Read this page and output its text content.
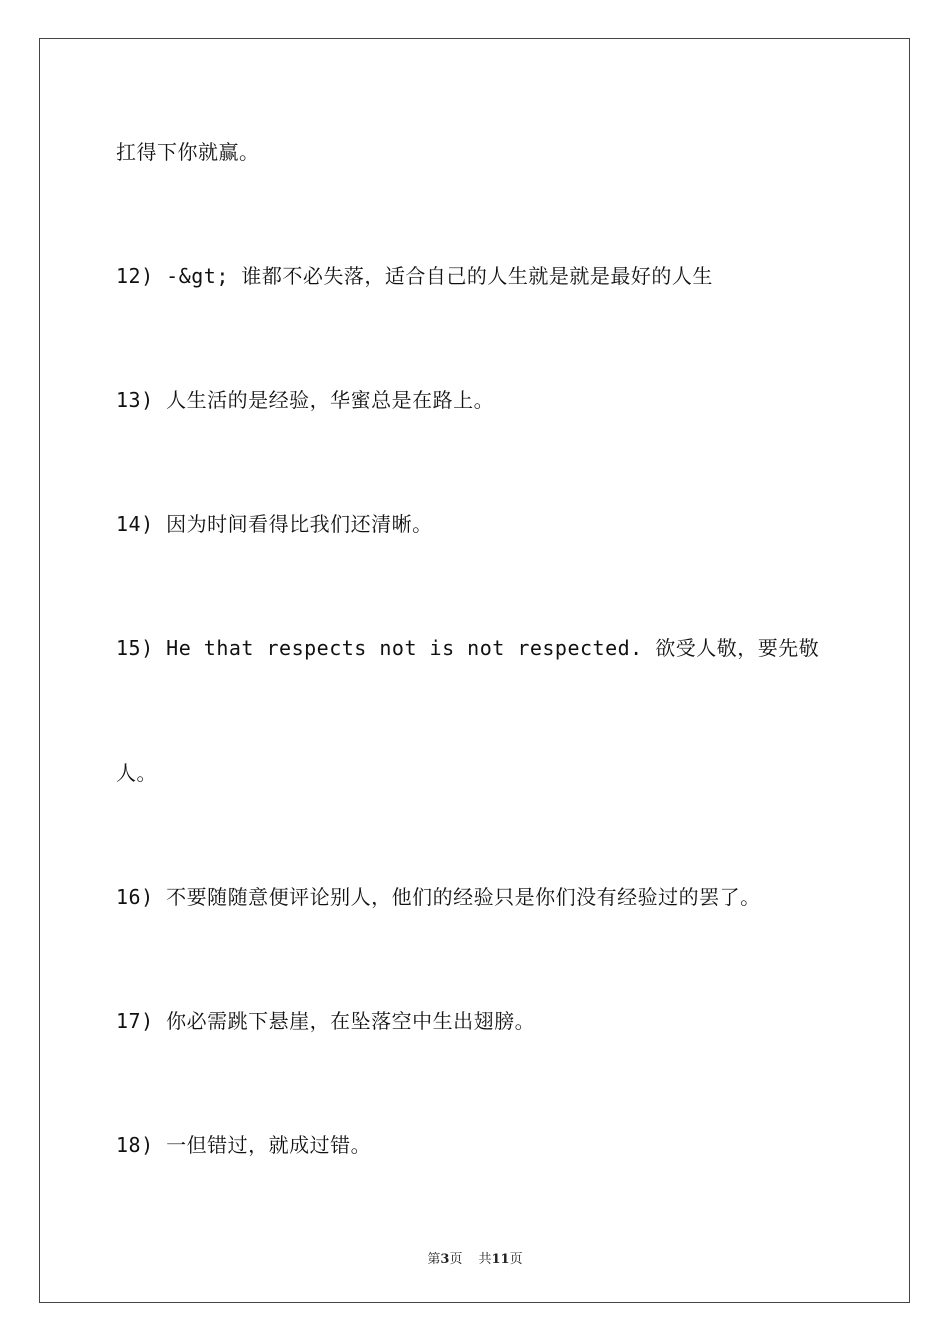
扛得下你就赢。
12) -&gt; 谁都不必失落，适合自己的人生就是就是最好的人生
13) 人生活的是经验，华蜜总是在路上。
14) 因为时间看得比我们还清晰。
15) He that respects not is not respected. 欲受人敬，要先敬
人。
16) 不要随随意便评论别人，他们的经验只是你们没有经验过的罢了。
17) 你必需跳下悬崖，在坠落空中生出翅膀。
18) 一但错过，就成过错。
第3页 共11页
